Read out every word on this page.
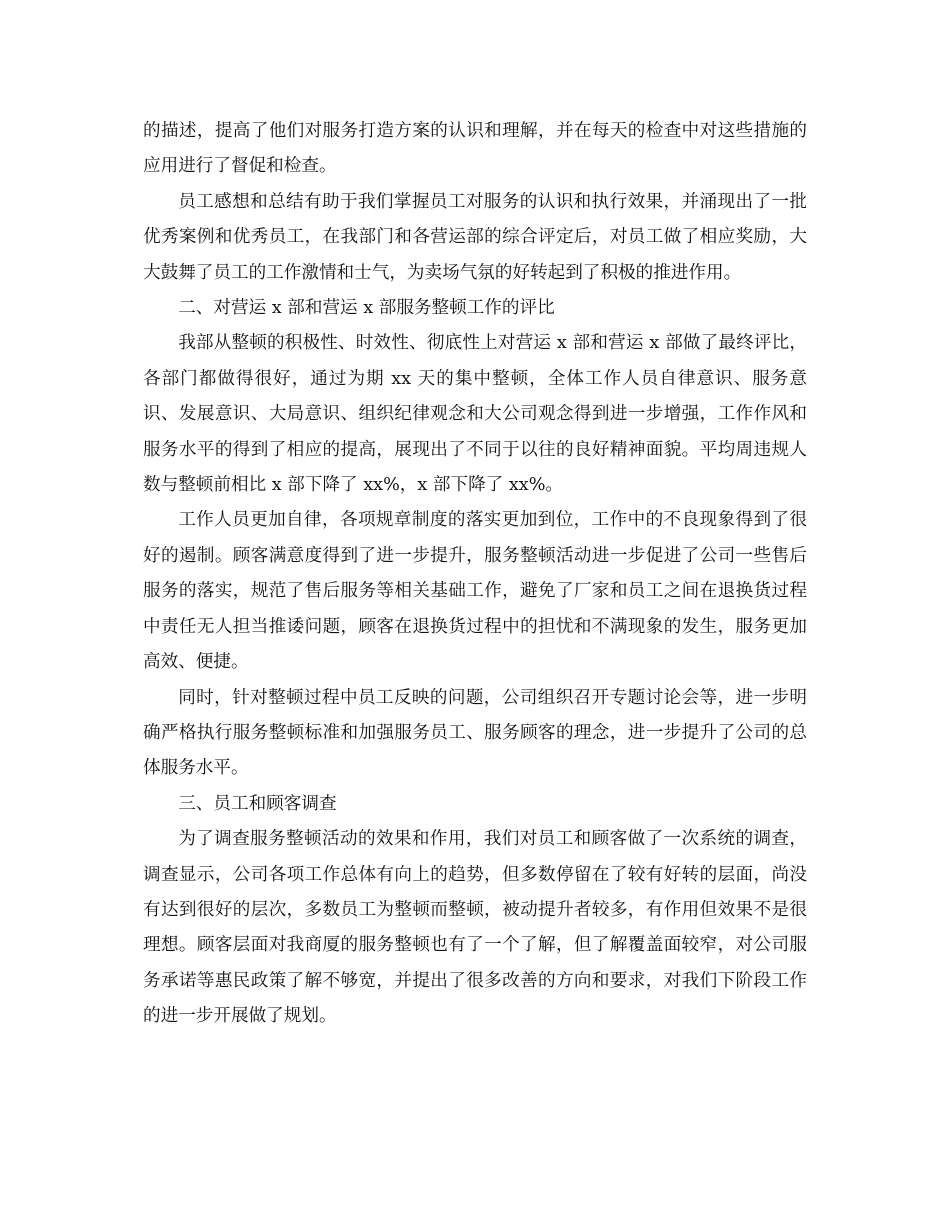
的描述，提高了他们对服务打造方案的认识和理解，并在每天的检查中对这些措施的应用进行了督促和检查。

员工感想和总结有助于我们掌握员工对服务的认识和执行效果，并涌现出了一批优秀案例和优秀员工，在我部门和各营运部的综合评定后，对员工做了相应奖励，大大鼓舞了员工的工作激情和士气，为卖场气氛的好转起到了积极的推进作用。

二、对营运 x 部和营运 x 部服务整顿工作的评比

我部从整顿的积极性、时效性、彻底性上对营运 x 部和营运 x 部做了最终评比，各部门都做得很好，通过为期 xx 天的集中整顿，全体工作人员自律意识、服务意识、发展意识、大局意识、组织纪律观念和大公司观念得到进一步增强，工作作风和服务水平的得到了相应的提高，展现出了不同于以往的良好精神面貌。平均周违规人数与整顿前相比 x 部下降了 xx%，x 部下降了 xx%。

工作人员更加自律，各项规章制度的落实更加到位，工作中的不良现象得到了很好的遏制。顾客满意度得到了进一步提升，服务整顿活动进一步促进了公司一些售后服务的落实，规范了售后服务等相关基础工作，避免了厂家和员工之间在退换货过程中责任无人担当推诿问题，顾客在退换货过程中的担忧和不满现象的发生，服务更加高效、便捷。

同时，针对整顿过程中员工反映的问题，公司组织召开专题讨论会等，进一步明确严格执行服务整顿标准和加强服务员工、服务顾客的理念，进一步提升了公司的总体服务水平。

三、员工和顾客调查

为了调查服务整顿活动的效果和作用，我们对员工和顾客做了一次系统的调查，调查显示，公司各项工作总体有向上的趋势，但多数停留在了较有好转的层面，尚没有达到很好的层次，多数员工为整顿而整顿，被动提升者较多，有作用但效果不是很理想。顾客层面对我商厦的服务整顿也有了一个了解，但了解覆盖面较窄，对公司服务承诺等惠民政策了解不够宽，并提出了很多改善的方向和要求，对我们下阶段工作的进一步开展做了规划。
